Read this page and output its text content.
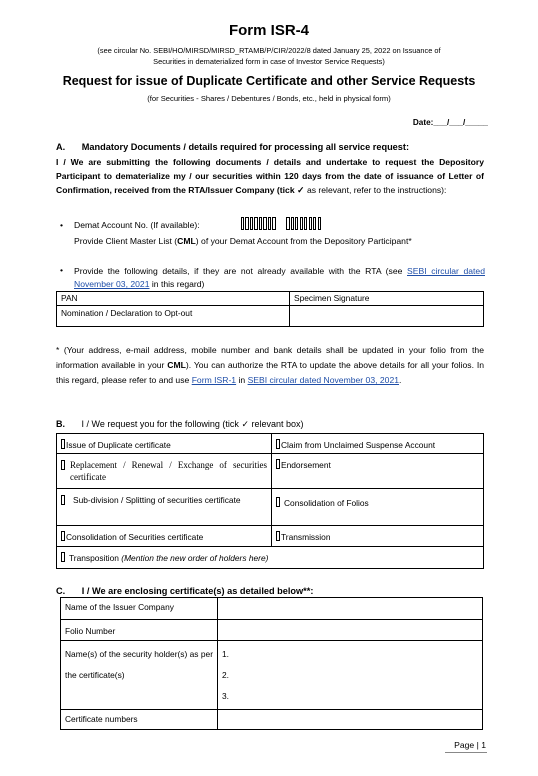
Form ISR-4
(see circular No. SEBI/HO/MIRSD/MIRSD_RTAMB/P/CIR/2022/8 dated January 25, 2022 on Issuance of
Securities in dematerialized form in case of Investor Service Requests)
Request for issue of Duplicate Certificate and other Service Requests
(for Securities - Shares / Debentures / Bonds, etc., held in physical form)
Date:___/___/_____
A. Mandatory Documents / details required for processing all service request:
I / We are submitting the following documents / details and undertake to request the Depository Participant to dematerialize my / our securities within 120 days from the date of issuance of Letter of Confirmation, received from the RTA/Issuer Company (tick ✓ as relevant, refer to the instructions):
• Demat Account No. (If available):

Provide Client Master List (CML) of your Demat Account from the Depository Participant*
• Provide the following details, if they are not already available with the RTA (see SEBI circular dated November 03, 2021 in this regard)
PAN	Specimen Signature
Nomination / Declaration to Opt-out	
* (Your address, e-mail address, mobile number and bank details shall be updated in your folio from the information available in your CML). You can authorize the RTA to update the above details for all your folios. In this regard, please refer to and use Form ISR-1 in SEBI circular dated November 03, 2021.
B. I / We request you for the following (tick ✓ relevant box)
Issue of Duplicate certificate	Claim from Unclaimed Suspense Account

Replacement / Renewal / Exchange of securities certificate	Endorsement

Sub-division / Splitting of securities certificate	Consolidation of Folios
Consolidation of Securities certificate	Transmission
Transposition (Mention the new order of holders here)	
C. I / We are enclosing certificate(s) as detailed below**:
Name of the Issuer Company	
Folio Number	
Name(s) of the security holder(s) as per the certificate(s)	1.
2.
3.

Certificate numbers	
Page | 1
